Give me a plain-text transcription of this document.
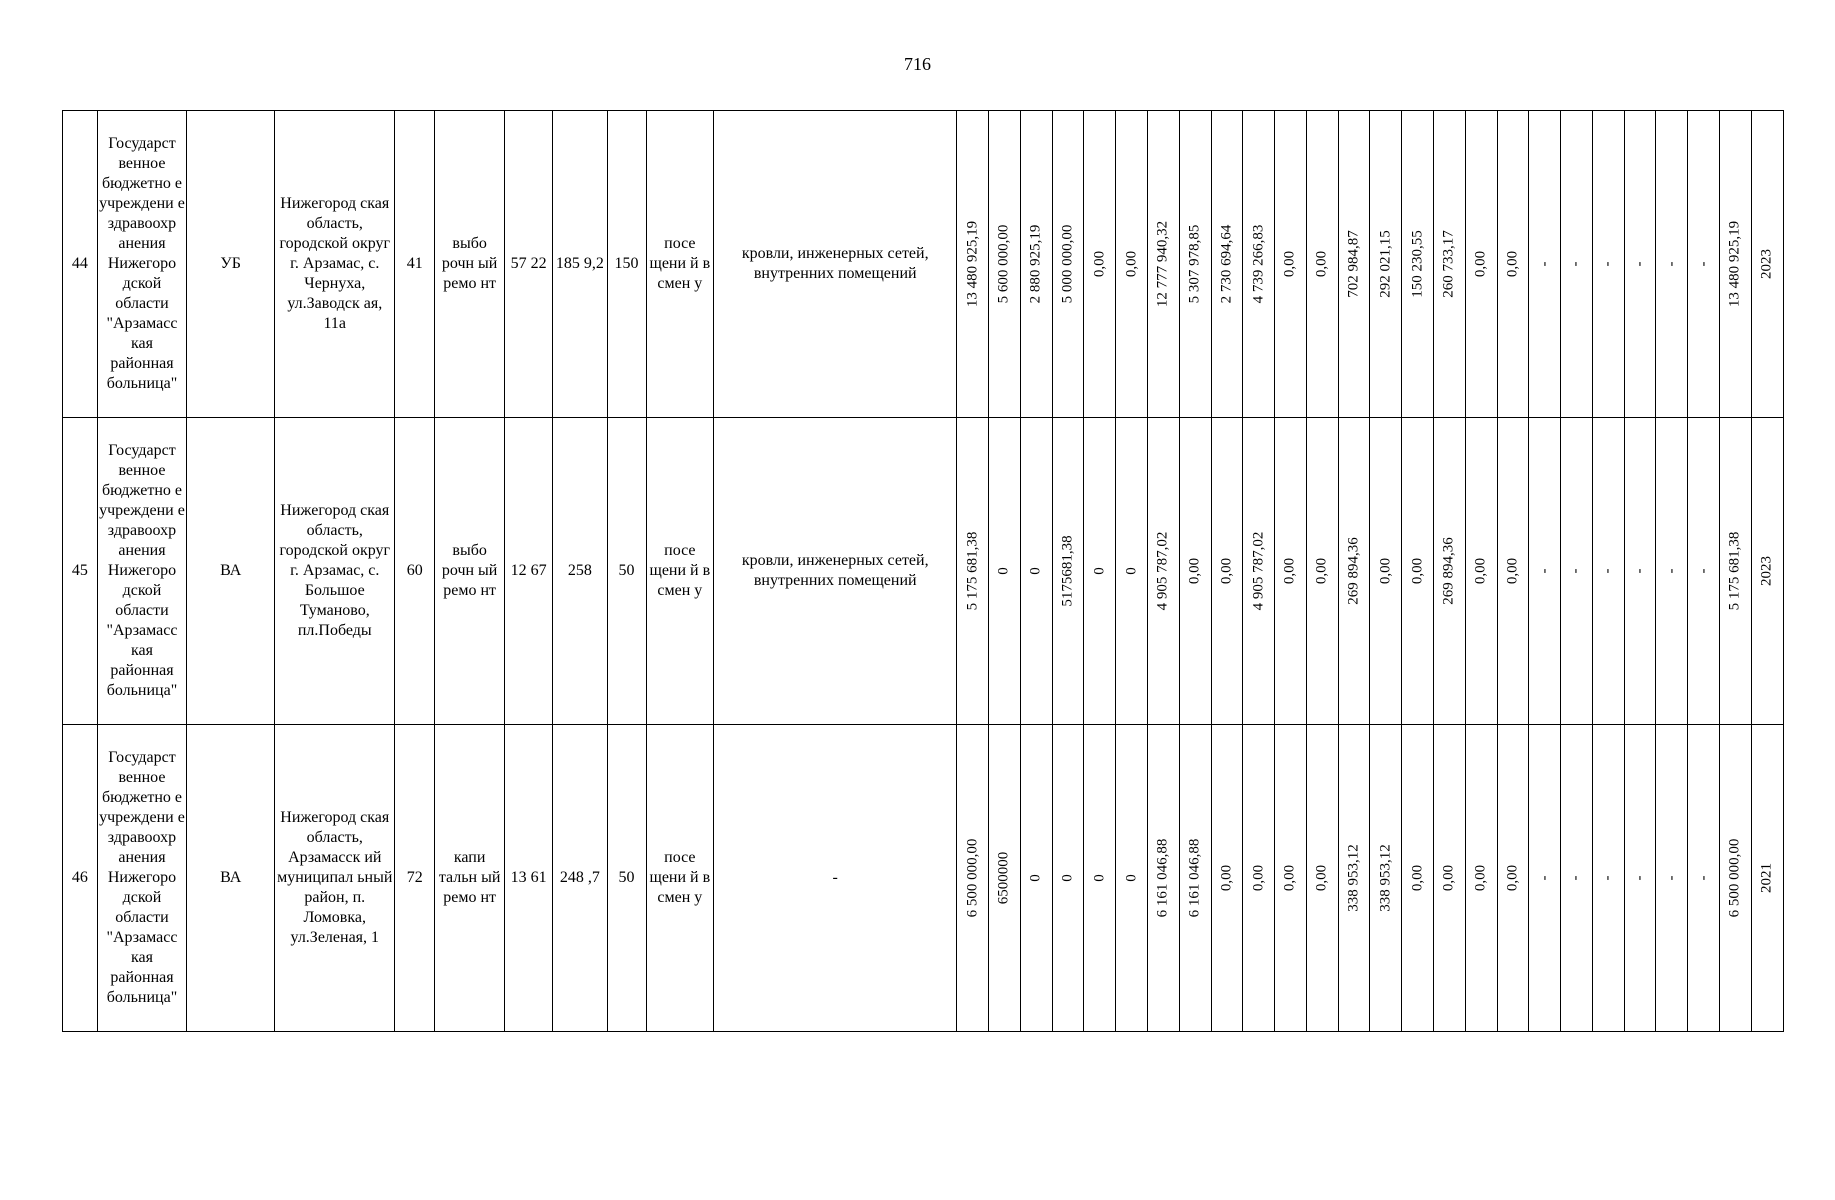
716
44	Государст венное бюджетно е учреждени е здравоохр анения Нижегоро дской области "Арзамасс кая районная больница"	УБ	Нижегород ская область, городской округ г. Арзамас, с. Чернуха, ул.Заводск ая, 11а	41	выбо рочн ый ремо нт	57 22	185 9,2	150	посе щени й в смен у	кровли, инженерных сетей, внутренних помещений	13 480 925,19	5 600 000,00	2 880 925,19	5 000 000,00	0,00	0,00	12 777 940,32	5 307 978,85	2 730 694,64	4 739 266,83	0,00	0,00	702 984,87	292 021,15	150 230,55	260 733,17	0,00	0,00	-	-	-	-	-	-	13 480 925,19	2023

45	Государст венное бюджетно е учреждени е здравоохр анения Нижегоро дской области "Арзамасс кая районная больница"	ВА	Нижегород ская область, городской округ г. Арзамас, с. Большое Туманово, пл.Победы	60	выбо рочн ый ремо нт	12 67	258	50	посе щени й в смен у	кровли, инженерных сетей, внутренних помещений	5 175 681,38	0	0	5175681,38	0	0	4 905 787,02	0,00	0,00	4 905 787,02	0,00	0,00	269 894,36	0,00	0,00	269 894,36	0,00	0,00	-	-	-	-	-	-	5 175 681,38	2023

46	Государст венное бюджетно е учреждени е здравоохр анения Нижегоро дской области "Арзамасс кая районная больница"	ВА	Нижегород ская область, Арзамасск ий муниципал ьный район, п. Ломовка, ул.Зеленая, 1	72	капи тальн ый ремо нт	13 61	248 ,7	50	посе щени й в смен у	-	6 500 000,00	6500000	0	0	0	0	6 161 046,88	6 161 046,88	0,00	0,00	0,00	0,00	338 953,12	338 953,12	0,00	0,00	0,00	0,00	-	-	-	-	-	-	6 500 000,00	2021
